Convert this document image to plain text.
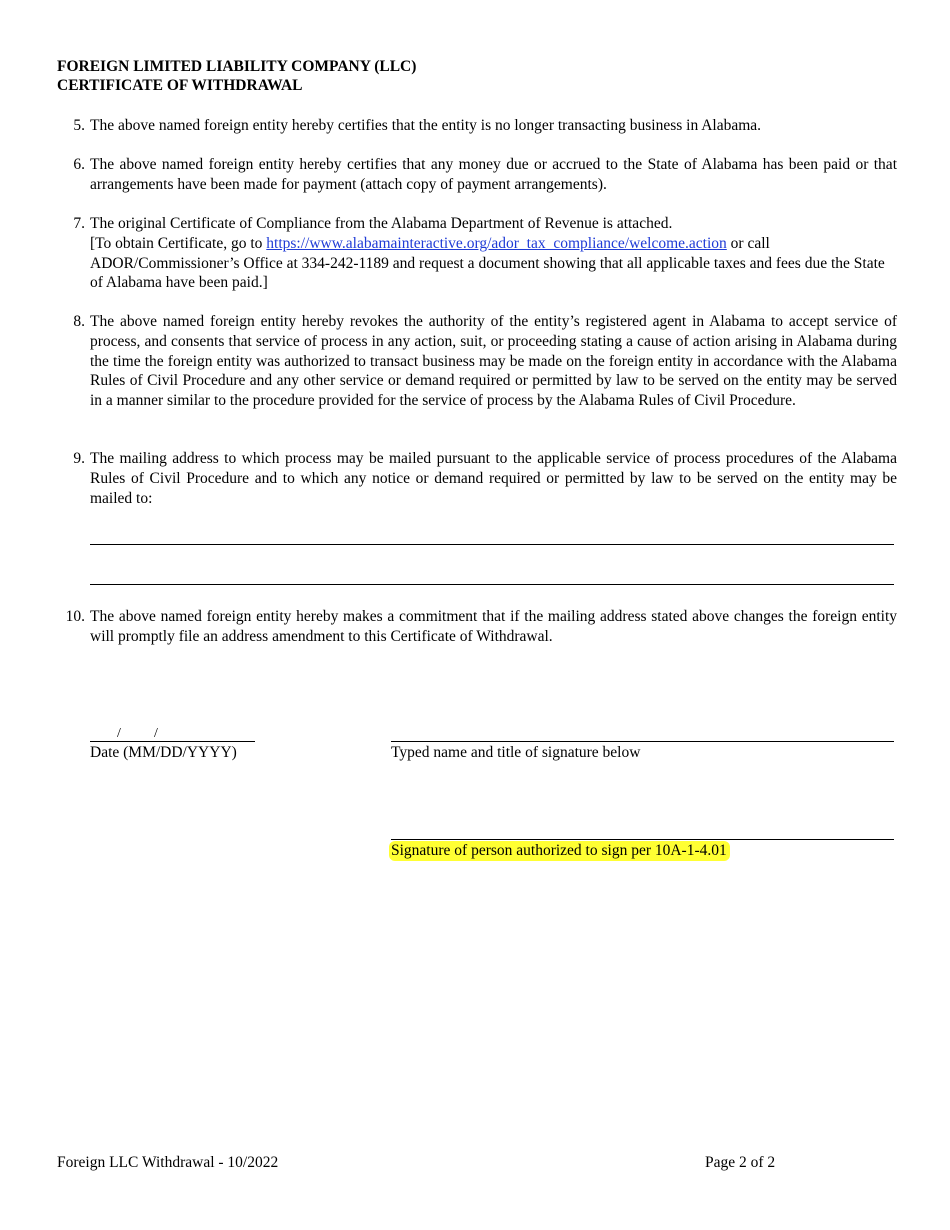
FOREIGN LIMITED LIABILITY COMPANY (LLC)
CERTIFICATE OF WITHDRAWAL
5. The above named foreign entity hereby certifies that the entity is no longer transacting business in Alabama.

6. The above named foreign entity hereby certifies that any money due or accrued to the State of Alabama has been paid or that arrangements have been made for payment (attach copy of payment arrangements).

7. The original Certificate of Compliance from the Alabama Department of Revenue is attached.

[To obtain Certificate, go to https://www.alabamainteractive.org/ador_tax_compliance/welcome.action or call ADOR/Commissioner’s Office at 334-242-1189 and request a document showing that all applicable taxes and fees due the State of Alabama have been paid.]

8. The above named foreign entity hereby revokes the authority of the entity’s registered agent in Alabama to accept service of process, and consents that service of process in any action, suit, or proceeding stating a cause of action arising in Alabama during the time the foreign entity was authorized to transact business may be made on the foreign entity in accordance with the Alabama Rules of Civil Procedure and any other service or demand required or permitted by law to be served on the entity may be served in a manner similar to the procedure provided for the service of process by the Alabama Rules of Civil Procedure.

9. The mailing address to which process may be mailed pursuant to the applicable service of process procedures of the Alabama Rules of Civil Procedure and to which any notice or demand required or permitted by law to be served on the entity may be mailed to:

10. The above named foreign entity hereby makes a commitment that if the mailing address stated above changes the foreign entity will promptly file an address amendment to this Certificate of Withdrawal.

/ /
Date (MM/DD/YYYY)	Typed name and title of signature below
Signature of person authorized to sign per 10A-1-4.01
Foreign LLC Withdrawal - 10/2022	Page 2 of 2
